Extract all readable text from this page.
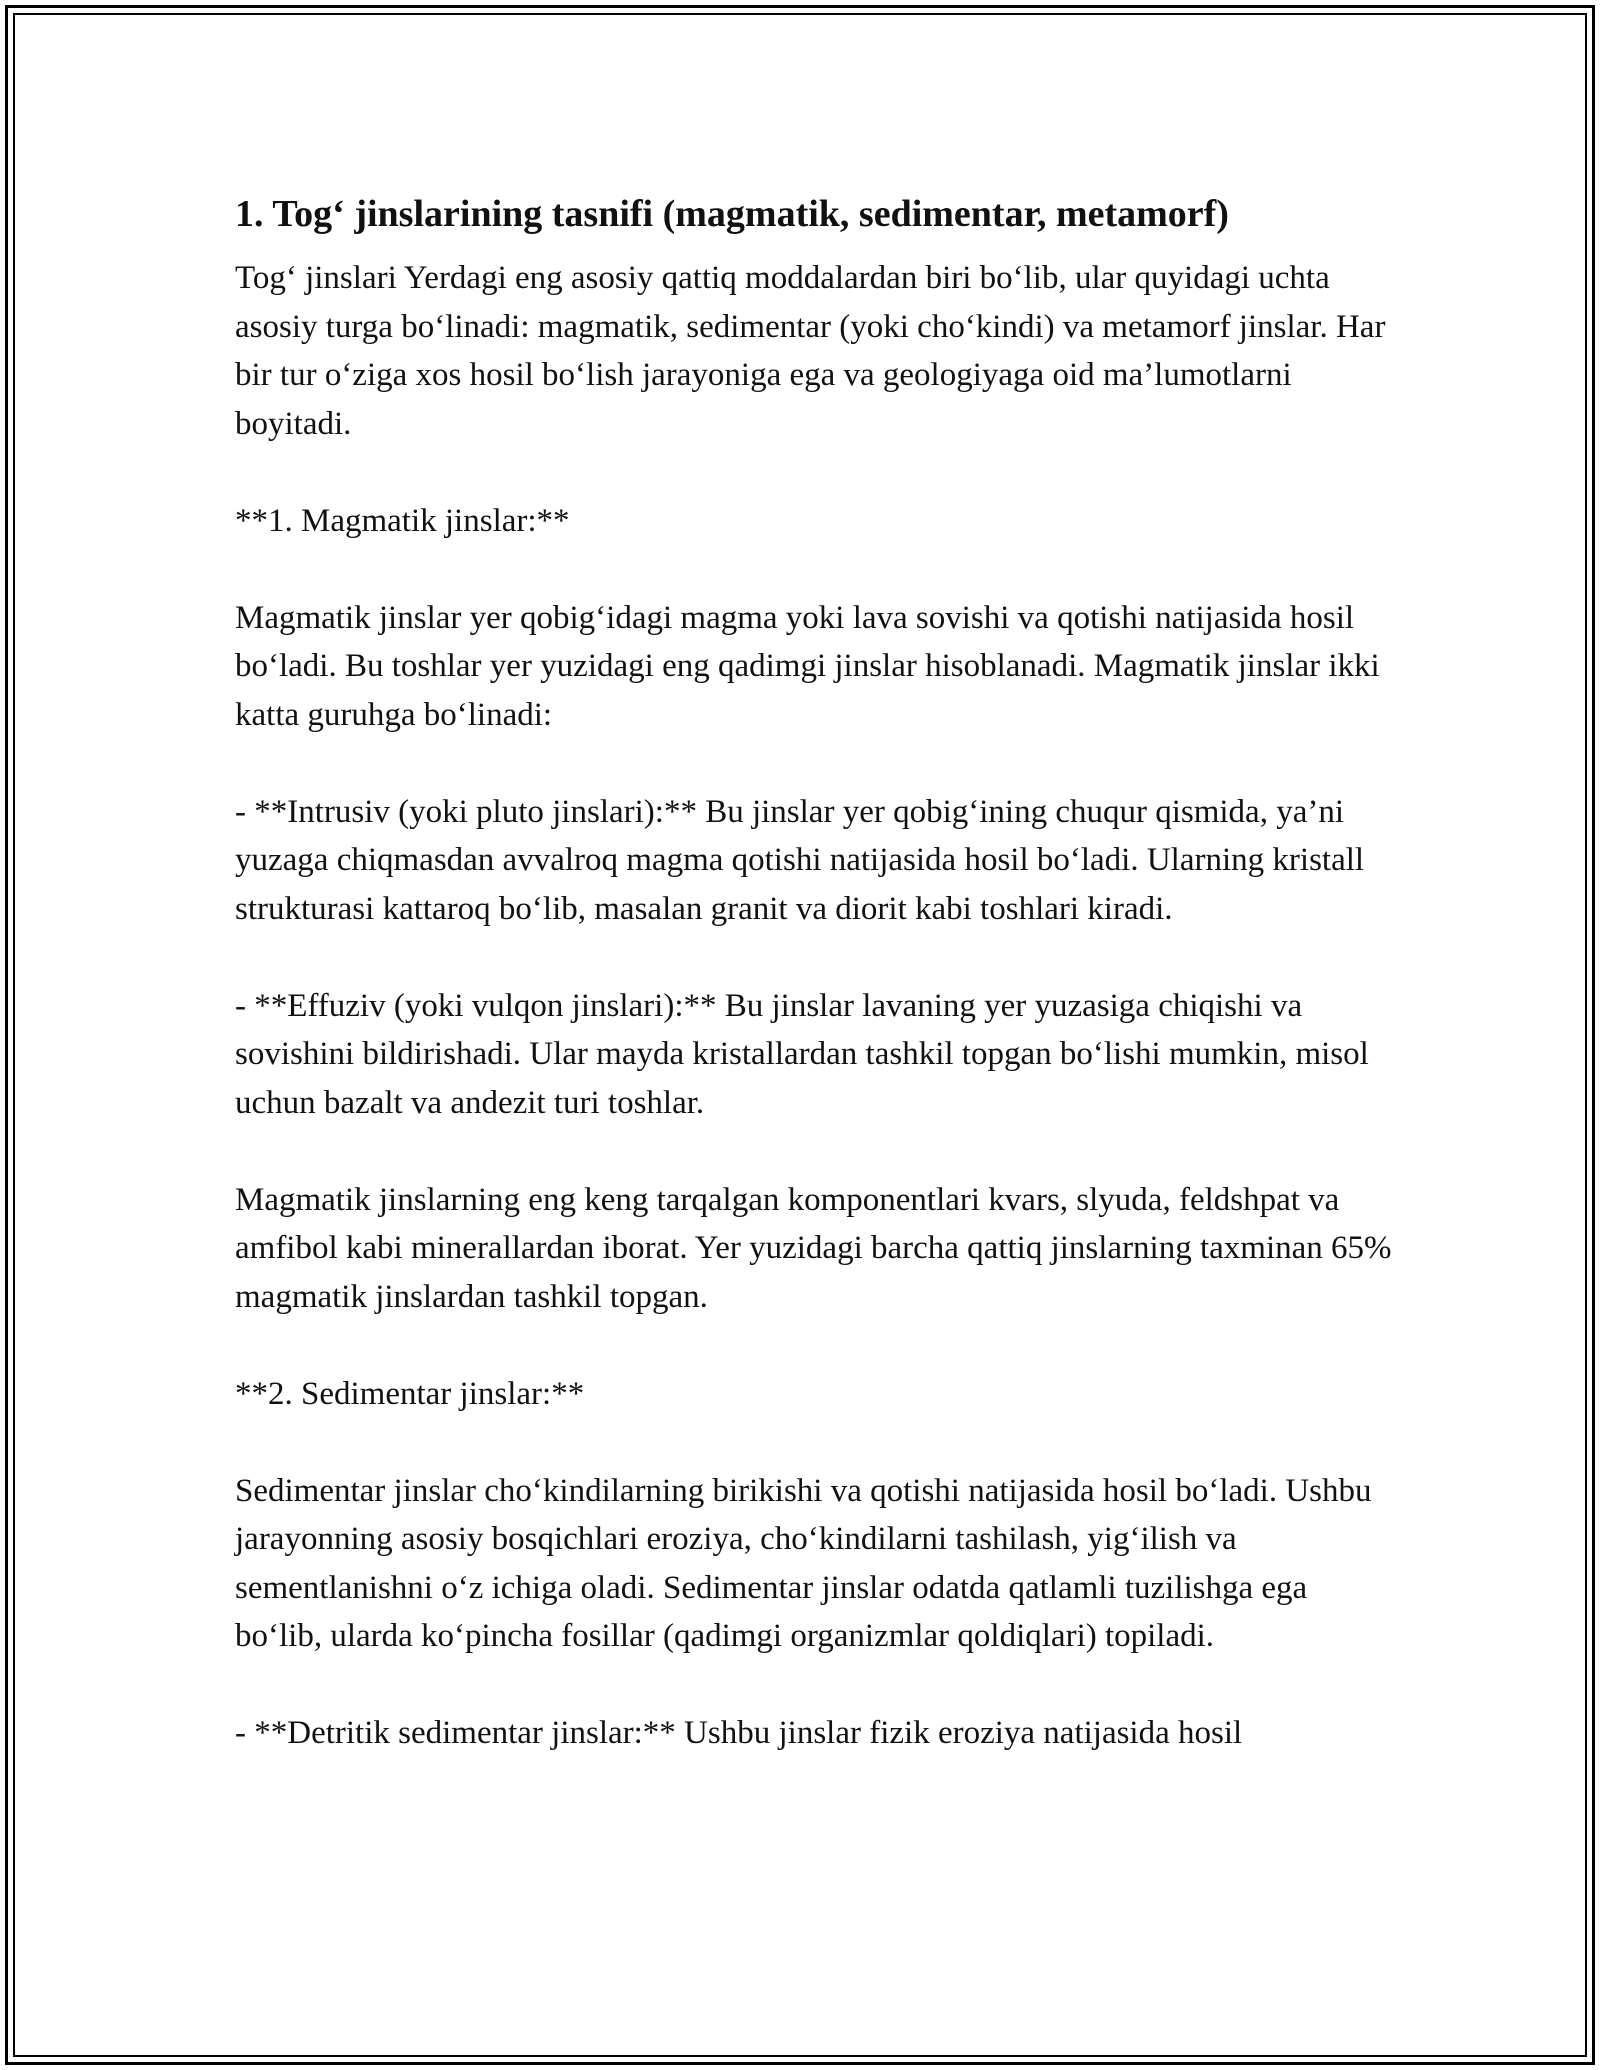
1. Tog‘ jinslarining tasnifi (magmatik, sedimentar, metamorf)

Tog‘ jinslari Yerdagi eng asosiy qattiq moddalardan biri bo‘lib, ular quyidagi uchta asosiy turga bo‘linadi: magmatik, sedimentar (yoki cho‘kindi) va metamorf jinslar. Har bir tur o‘ziga xos hosil bo‘lish jarayoniga ega va geologiyaga oid ma’lumotlarni boyitadi.

**1. Magmatik jinslar:**

Magmatik jinslar yer qobig‘idagi magma yoki lava sovishi va qotishi natijasida hosil bo‘ladi. Bu toshlar yer yuzidagi eng qadimgi jinslar hisoblanadi. Magmatik jinslar ikki katta guruhga bo‘linadi:

- **Intrusiv (yoki pluto jinslari):** Bu jinslar yer qobig‘ining chuqur qismida, ya’ni yuzaga chiqmasdan avvalroq magma qotishi natijasida hosil bo‘ladi. Ularning kristall strukturasi kattaroq bo‘lib, masalan granit va diorit kabi toshlari kiradi.

- **Effuziv (yoki vulqon jinslari):** Bu jinslar lavaning yer yuzasiga chiqishi va sovishini bildirishadi. Ular mayda kristallardan tashkil topgan bo‘lishi mumkin, misol uchun bazalt va andezit turi toshlar.

Magmatik jinslarning eng keng tarqalgan komponentlari kvars, slyuda, feldshpat va amfibol kabi minerallardan iborat. Yer yuzidagi barcha qattiq jinslarning taxminan 65% magmatik jinslardan tashkil topgan.

**2. Sedimentar jinslar:**

Sedimentar jinslar cho‘kindilarning birikishi va qotishi natijasida hosil bo‘ladi. Ushbu jarayonning asosiy bosqichlari eroziya, cho‘kindilarni tashilash, yig‘ilish va sementlanishni o‘z ichiga oladi. Sedimentar jinslar odatda qatlamli tuzilishga ega bo‘lib, ularda ko‘pincha fosillar (qadimgi organizmlar qoldiqlari) topiladi.

- **Detritik sedimentar jinslar:** Ushbu jinslar fizik eroziya natijasida hosil
